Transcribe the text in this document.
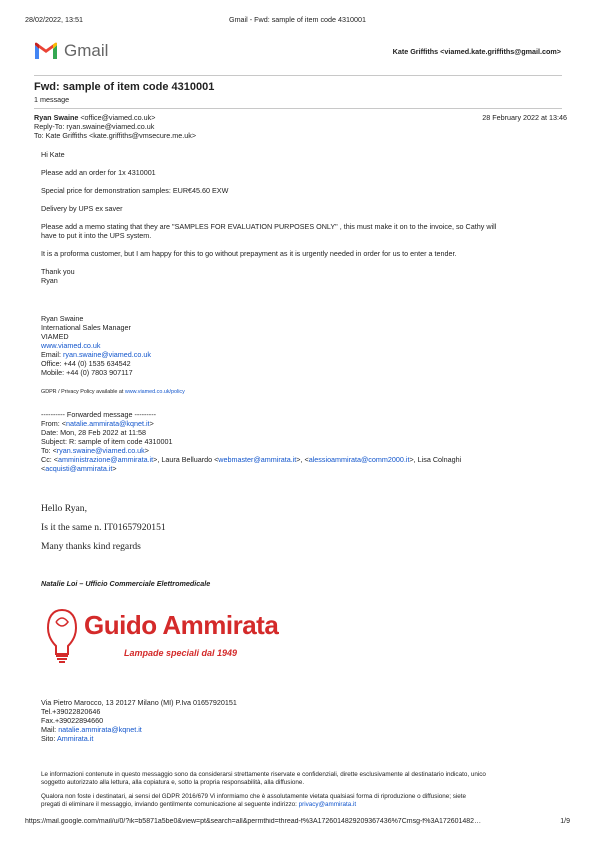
28/02/2022, 13:51	Gmail - Fwd: sample of item code 4310001
Gmail	Kate Griffiths <viamed.kate.griffiths@gmail.com>
Fwd: sample of item code 4310001
1 message
Ryan Swaine <office@viamed.co.uk>
Reply-To: ryan.swaine@viamed.co.uk
To: Kate Griffiths <kate.griffiths@vmsecure.me.uk>
28 February 2022 at 13:46
Hi Kate
Please add an order for 1x 4310001
Special price for demonstration samples: EUR€45.60 EXW
Delivery by UPS ex saver
Please add a memo stating that they are "SAMPLES FOR EVALUATION PURPOSES ONLY" , this must make it on to the invoice, so Cathy will
have to put it into the UPS system.
It is a proforma customer, but I am happy for this to go without prepayment as it is urgently needed in order for us to enter a tender.
Thank you
Ryan
Ryan Swaine
International Sales Manager
VIAMED
www.viamed.co.uk
Email: ryan.swaine@viamed.co.uk
Office: +44 (0) 1535 634542
Mobile: +44 (0) 7803 907117
GDPR / Privacy Policy available at www.viamed.co.uk/policy
---------- Forwarded message ---------
From: <natalie.ammirata@kqnet.it>
Date: Mon, 28 Feb 2022 at 11:58
Subject: R: sample of item code 4310001
To: <ryan.swaine@viamed.co.uk>
Cc: <amministrazione@ammirata.it>, Laura Belluardo <webmaster@ammirata.it>, <alessioammirata@comm2000.it>, Lisa Colnaghi
<acquisti@ammirata.it>
Hello Ryan,
Is it the same n. IT01657920151
Many thanks kind regards
Natalie Loi – Ufficio Commerciale Elettromedicale
Guido Ammirata
Lampade speciali dal 1949
Via Pietro Marocco, 13 20127 Milano (MI) P.Iva 01657920151
Tel.+39022820646
Fax.+39022894660
Mail: natalie.ammirata@kqnet.it
Sito: Ammirata.it
Le informazioni contenute in questo messaggio sono da considerarsi strettamente riservate e confidenziali, dirette esclusivamente al destinatario indicato, unico
soggetto autorizzato alla lettura, alla copiatura e, sotto la propria responsabilità, alla diffusione.
Qualora non foste i destinatari, ai sensi del GDPR 2016/679 Vi informiamo che è assolutamente vietata qualsiasi forma di riproduzione o diffusione; siete
pregati di eliminare il messaggio, inviando gentilmente comunicazione al seguente indirizzo: privacy@ammirata.it
https://mail.google.com/mail/u/0/?ik=b5871a5be0&view=pt&search=all&permthid=thread-f%3A1726014829209367436%7Cmsg-f%3A172601482…	1/9
